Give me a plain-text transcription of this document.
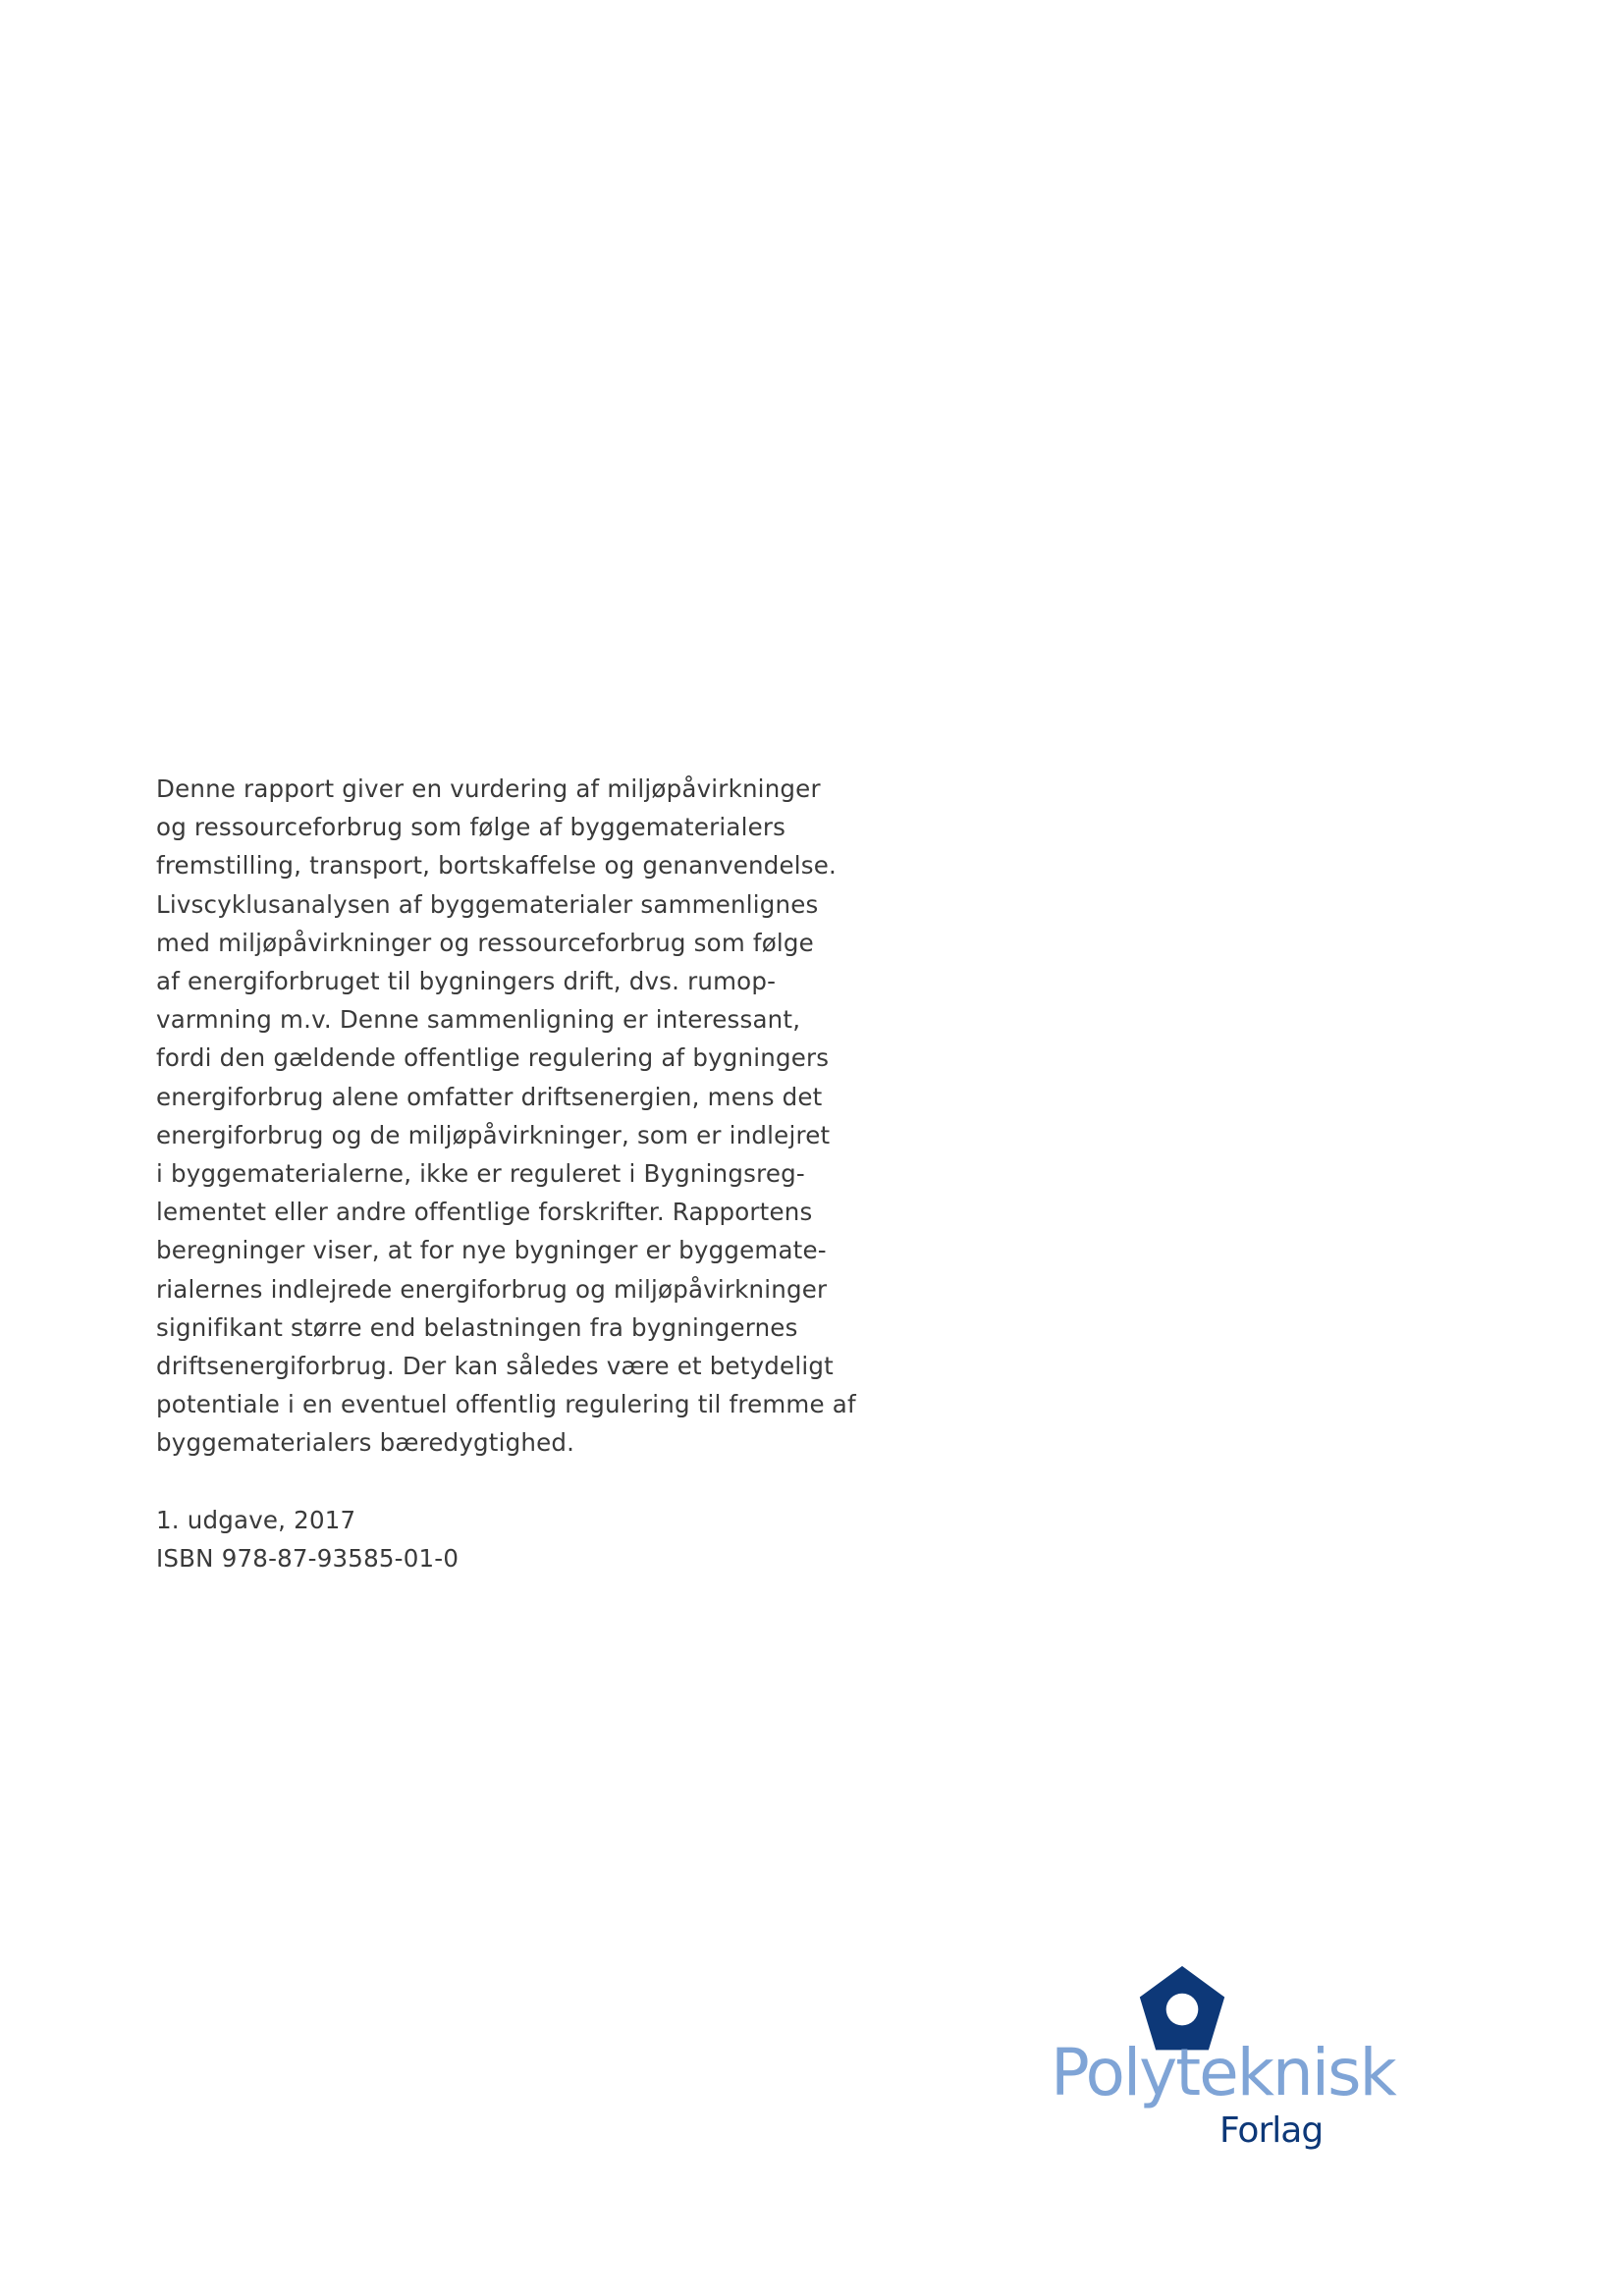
Denne rapport giver en vurdering af miljøpåvirkninger

og ressourceforbrug som følge af byggematerialers

fremstilling, transport, bortskaffelse og genanvendelse.

Livscyklusanalysen af byggematerialer sammenlignes

med miljøpåvirkninger og ressourceforbrug som følge

af energiforbruget til bygningers drift, dvs. rumop-

varmning m.v. Denne sammenligning er interessant,

fordi den gældende offentlige regulering af bygningers

energiforbrug alene omfatter driftsenergien, mens det

energiforbrug og de miljøpåvirkninger, som er indlejret

i byggematerialerne, ikke er reguleret i Bygningsreg-

lementet eller andre offentlige forskrifter. Rapportens

beregninger viser, at for nye bygninger er byggemate-

rialernes indlejrede energiforbrug og miljøpåvirkninger

signifikant større end belastningen fra bygningernes

driftsenergiforbrug. Der kan således være et betydeligt

potentiale i en eventuel offentlig regulering til fremme af

byggematerialers bæredygtighed.

1. udgave, 2017

ISBN 978-87-93585-01-0

Polyteknisk
Forlag
